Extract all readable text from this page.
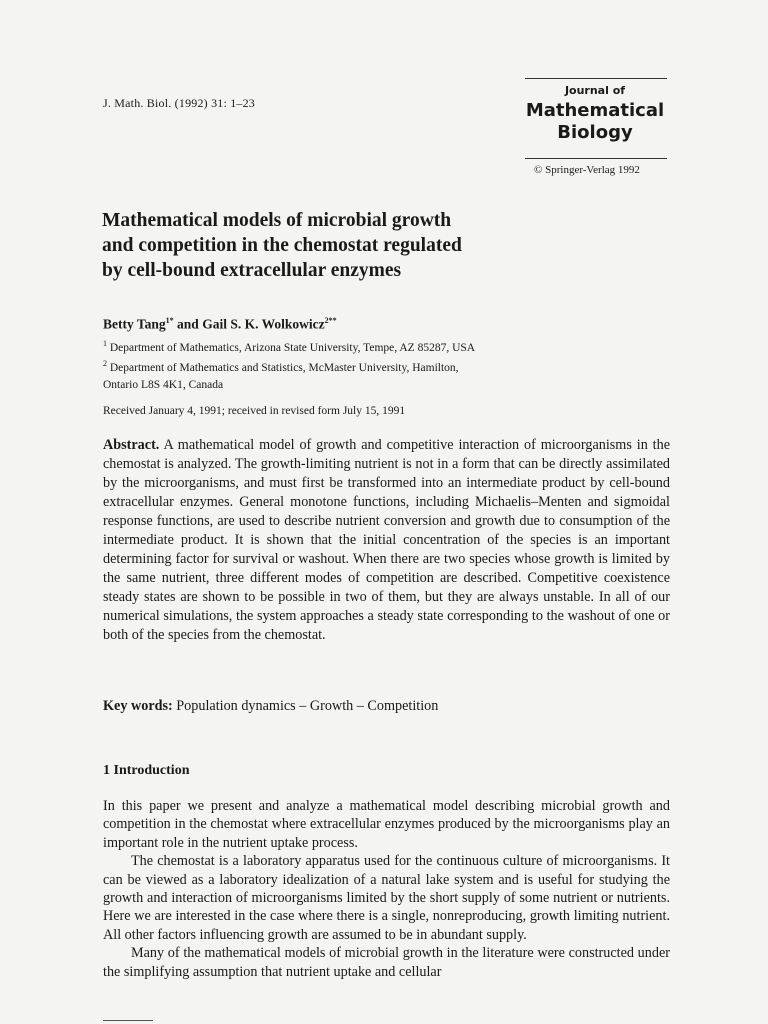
J. Math. Biol. (1992) 31: 1–23
Journal of
Mathematical
Biology
© Springer-Verlag 1992
Mathematical models of microbial growth
and competition in the chemostat regulated
by cell-bound extracellular enzymes
Betty Tang$^{1*}$ and Gail S. K. Wolkowicz$^{2**}$
$^1$ Department of Mathematics, Arizona State University, Tempe, AZ 85287, USA
$^2$ Department of Mathematics and Statistics, McMaster University, Hamilton,
Ontario L8S 4K1, Canada
Received January 4, 1991; received in revised form July 15, 1991

Abstract. A mathematical model of growth and competitive interaction of microorganisms in the chemostat is analyzed. The growth-limiting nutrient is not in a form that can be directly assimilated by the microorganisms, and must first be transformed into an intermediate product by cell-bound extracellular enzymes. General monotone functions, including Michaelis–Menten and sigmoidal response functions, are used to describe nutrient conversion and growth due to consumption of the intermediate product. It is shown that the initial concentration of the species is an important determining factor for survival or washout. When there are two species whose growth is limited by the same nutrient, three different modes of competition are described. Competitive coexistence steady states are shown to be possible in two of them, but they are always unstable. In all of our numerical simulations, the system approaches a steady state corresponding to the washout of one or both of the species from the chemostat.

Key words: Population dynamics – Growth – Competition
1 Introduction

In this paper we present and analyze a mathematical model describing microbial growth and competition in the chemostat where extracellular enzymes produced by the microorganisms play an important role in the nutrient uptake process.

The chemostat is a laboratory apparatus used for the continuous culture of microorganisms. It can be viewed as a laboratory idealization of a natural lake system and is useful for studying the growth and interaction of microorganisms limited by the short supply of some nutrient or nutrients. Here we are interested in the case where there is a single, nonreproducing, growth limiting nutrient. All other factors influencing growth are assumed to be in abundant supply.

Many of the mathematical models of microbial growth in the literature were constructed under the simplifying assumption that nutrient uptake and cellular
